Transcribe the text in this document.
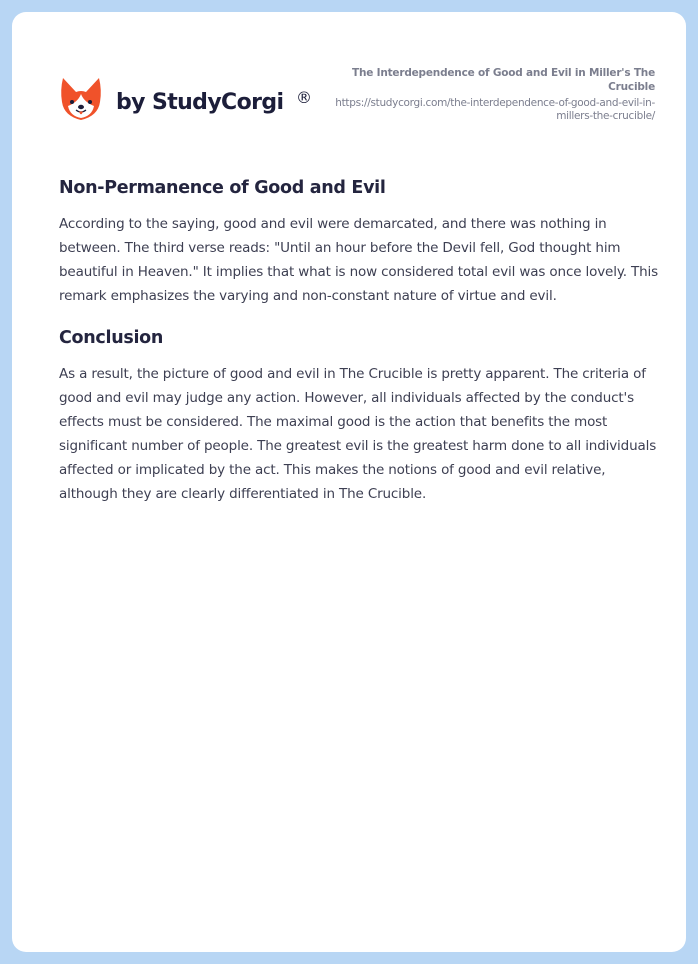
by StudyCorgi ®
The Interdependence of Good and Evil in Miller's The Crucible
https://studycorgi.com/the-interdependence-of-good-and-evil-in-millers-the-crucible/
Non-Permanence of Good and Evil

According to the saying, good and evil were demarcated, and there was nothing in between. The third verse reads: "Until an hour before the Devil fell, God thought him beautiful in Heaven." It implies that what is now considered total evil was once lovely. This remark emphasizes the varying and non-constant nature of virtue and evil.

Conclusion

As a result, the picture of good and evil in The Crucible is pretty apparent. The criteria of good and evil may judge any action. However, all individuals affected by the conduct's effects must be considered. The maximal good is the action that benefits the most significant number of people. The greatest evil is the greatest harm done to all individuals affected or implicated by the act. This makes the notions of good and evil relative, although they are clearly differentiated in The Crucible.
